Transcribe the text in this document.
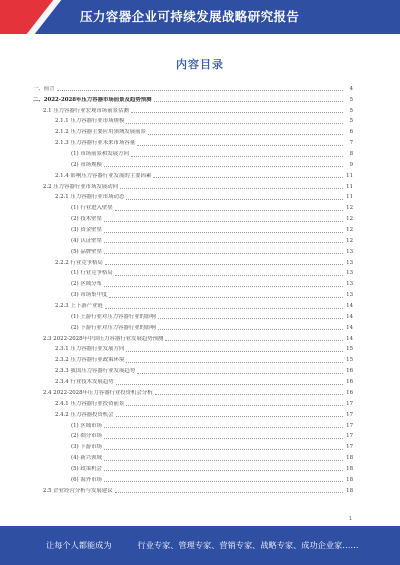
压力容器企业可持续发展战略研究报告
内容目录
一、前言	4
二、2022-2028年压力容器市场前景及趋势预测	5
2.1 压力容器行业宏观市场前景估测	5
2.1.1 压力容器行业市场规模	5
2.1.2 压力容器主要应用领域发展前景	6
2.1.3 压力容器行业未来市场容量	7
(1) 市场前景和发展方向	8
(2) 市场规模	9
2.1.4 影响压力容器行业发展的主要因素	11
2.2 压力容器行业市场发展动向	11
2.2.1 压力容器行业市场动态	11
(1) 行业进入壁垒	12
(2) 技术壁垒	12
(3) 资金壁垒	12
(4) 认证壁垒	12
(5) 品牌壁垒	13
2.2.2 行业竞争格局	13
(1) 行业竞争格局	13
(2) 区域分布	13
(3) 市场集中度	13
2.2.3 上下游产业链	14
(1) 上游行业对压力容器行业的影响	14
(2) 下游行业对压力容器行业的影响	14
2.3 2022-2028年中国压力容器行业发展趋势预测	14
2.3.1 压力容器行业发展方向	15
2.3.2 压力容器行业政策环境	15
2.3.3 我国压力容器行业发展趋势	16
2.3.4 行业技术发展趋势	16
2.4 2022-2028年压力容器行业投资机会分析	16
2.4.1 压力容器行业投资前景	17
2.4.2 压力容器投资机会	17
(1) 区域市场	17
(2) 细分市场	17
(3) 下游市场	17
(4) 新兴领域	18
(5) 政策机会	18
(6) 海外市场	18
2.5 企业经营分析与发展建议	18
1
让每个人都能成为	行业专家、管理专家、营销专家、战略专家、成功企业家……
